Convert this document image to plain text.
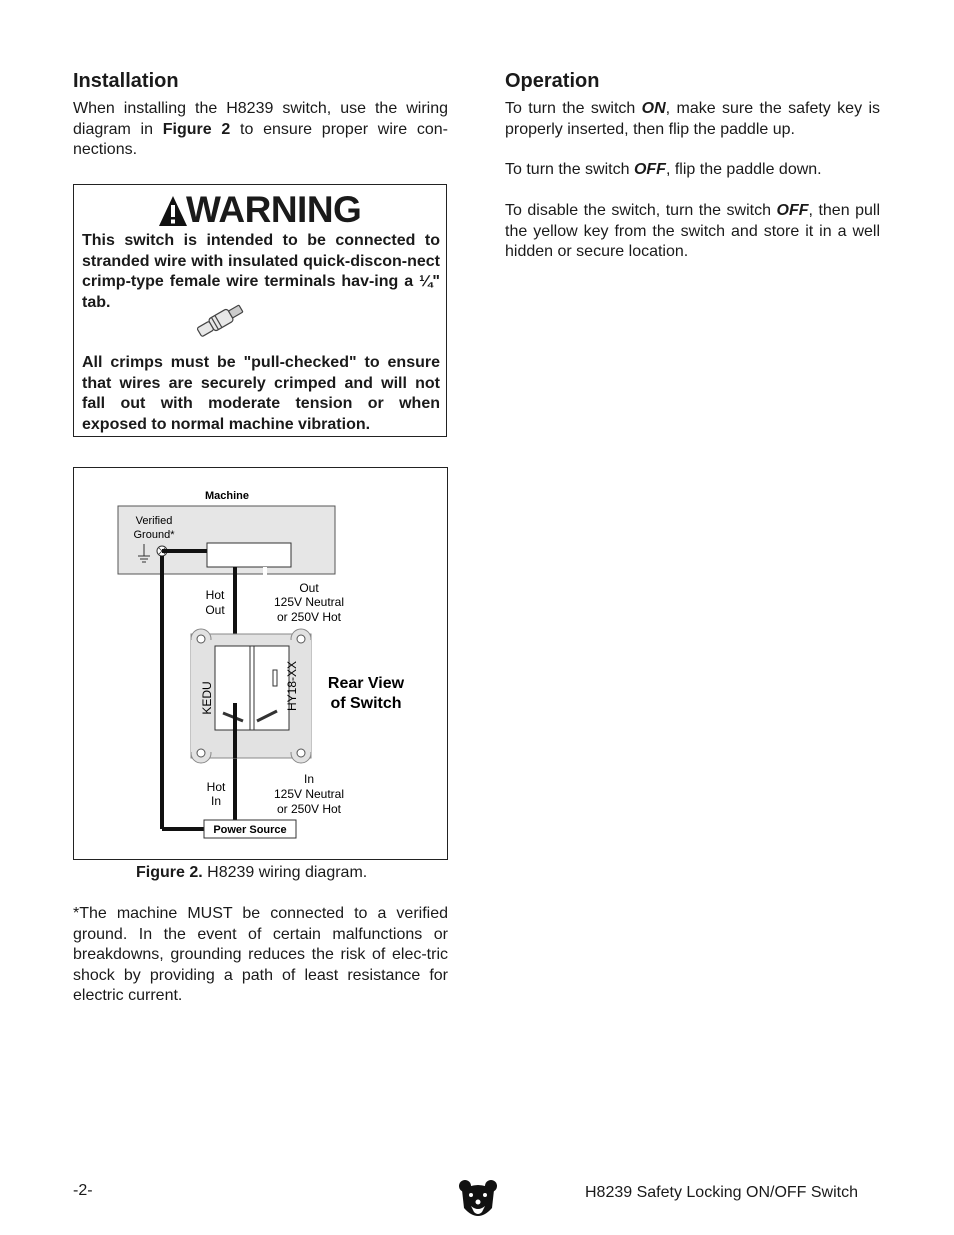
Installation

When installing the H8239 switch, use the wiring diagram in Figure 2 to ensure proper wire con-nections.

WARNING

This switch is intended to be connected to stranded wire with insulated quick-discon-nect crimp-type female wire terminals hav-ing a ¼" tab.

All crimps must be "pull-checked" to ensure that wires are securely crimped and will not fall out with moderate tension or when exposed to normal machine vibration.

Machine
Verified
Ground*
KEDU	HY18-XX
Hot
Out
Out
125V Neutral
or 250V Hot
Rear View
of Switch
Hot
In
In
125V Neutral
or 250V Hot
Power Source
Figure 2. H8239 wiring diagram.

*The machine MUST be connected to a verified ground. In the event of certain malfunctions or breakdowns, grounding reduces the risk of elec-tric shock by providing a path of least resistance for electric current.

Operation

To turn the switch ON, make sure the safety key is properly inserted, then flip the paddle up.

To turn the switch OFF, flip the paddle down.

To disable the switch, turn the switch OFF, then pull the yellow key from the switch and store it in a well hidden or secure location.

-2-	H8239 Safety Locking ON/OFF Switch
